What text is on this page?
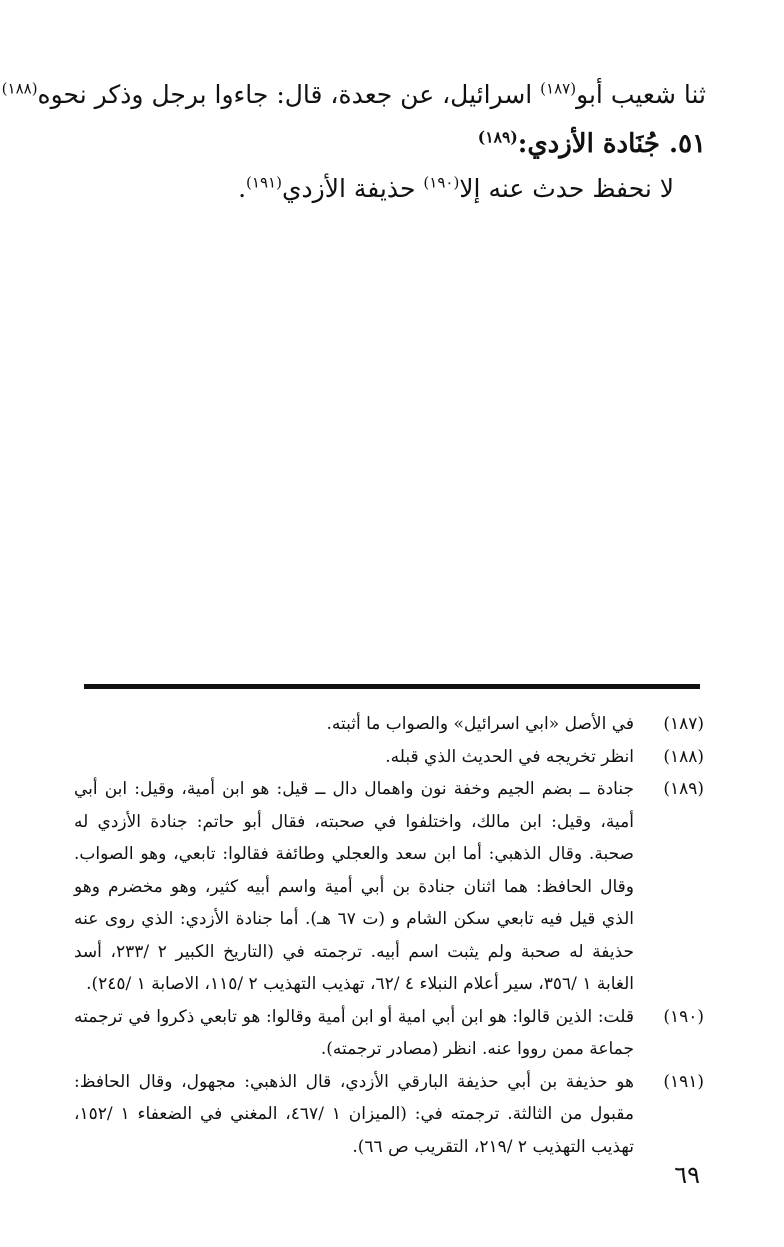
ثنا شعيب أبو$^{(١٨٧)}$ اسرائيل، عن جعدة، قال: جاءوا برجل وذكر نحوه$^{(١٨٨)}$
٥١. جُنَادة الأزدي:$^{(١٨٩)}$
لا نحفظ حدث عنه إلا$^{(١٩٠)}$ حذيفة الأزدي$^{(١٩١)}$.
(١٨٧)
في الأصل «ابي اسرائيل» والصواب ما أثبته.
(١٨٨)
انظر تخريجه في الحديث الذي قبله.
(١٨٩)
جنادة ــ بضم الجيم وخفة نون واهمال دال ــ قيل: هو ابن أمية، وقيل: ابن أبي أمية، وقيل: ابن مالك، واختلفوا في صحبته، فقال أبو حاتم: جنادة الأزدي له صحبة. وقال الذهبي: أما ابن سعد والعجلي وطائفة فقالوا: تابعي، وهو الصواب. وقال الحافظ: هما اثنان جنادة بن أبي أمية واسم أبيه كثير، وهو مخضرم وهو الذي قيل فيه تابعي سكن الشام و (ت ٦٧ هـ). أما جنادة الأزدي: الذي روى عنه حذيفة له صحبة ولم يثبت اسم أبيه. ترجمته في (التاريخ الكبير ٢ /٢٣٣، أسد الغابة ١ /٣٥٦، سير أعلام النبلاء ٤ /٦٢، تهذيب التهذيب ٢ /١١٥، الاصابة ١ /٢٤٥).
(١٩٠)
قلت: الذين قالوا: هو ابن أبي امية أو ابن أمية وقالوا: هو تابعي ذكروا في ترجمته جماعة ممن رووا عنه. انظر (مصادر ترجمته).
(١٩١)
هو حذيفة بن أبي حذيفة البارقي الأزدي، قال الذهبي: مجهول، وقال الحافظ: مقبول من الثالثة. ترجمته في: (الميزان ١ /٤٦٧، المغني في الضعفاء ١ /١٥٢، تهذيب التهذيب ٢ /٢١٩، التقريب ص ٦٦).
٦٩
